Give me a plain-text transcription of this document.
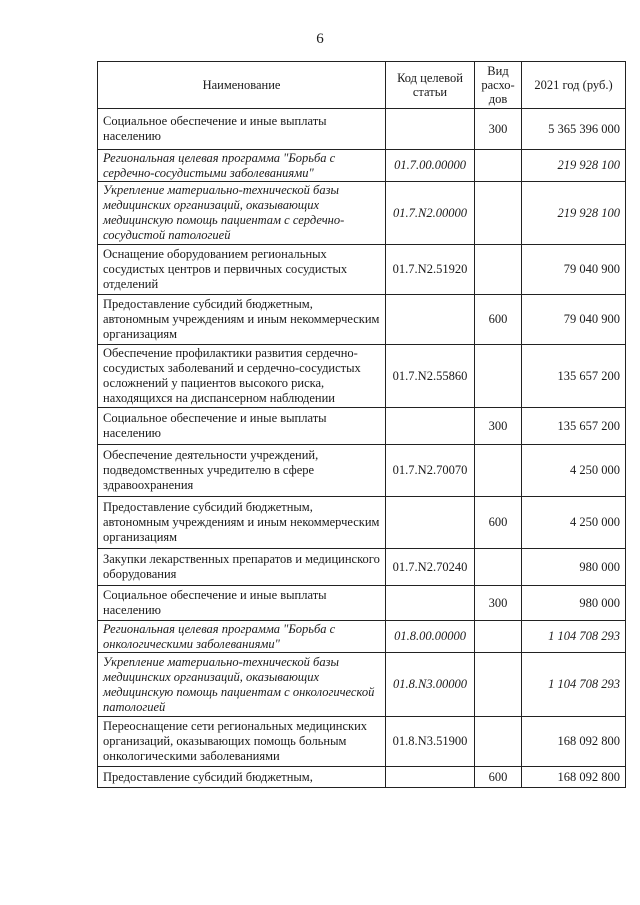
6
Наименование	Код целевой статьи	Вид расхо-дов	2021 год (руб.)
Социальное обеспечение и иные выплаты населению		300	5 365 396 000
Региональная целевая программа "Борьба с сердечно-сосудистыми заболеваниями"	01.7.00.00000		219 928 100
Укрепление материально-технической базы медицинских организаций, оказывающих медицинскую помощь пациентам с сердечно-сосудистой патологией	01.7.N2.00000		219 928 100
Оснащение оборудованием региональных сосудистых центров и первичных сосудистых отделений	01.7.N2.51920		79 040 900
Предоставление субсидий бюджетным, автономным учреждениям и иным некоммерческим организациям		600	79 040 900
Обеспечение профилактики развития сердечно-сосудистых заболеваний и сердечно-сосудистых осложнений у пациентов высокого риска, находящихся на диспансерном наблюдении	01.7.N2.55860		135 657 200
Социальное обеспечение и иные выплаты населению		300	135 657 200
Обеспечение деятельности учреждений, подведомственных учредителю в сфере здравоохранения	01.7.N2.70070		4 250 000
Предоставление субсидий бюджетным, автономным учреждениям и иным некоммерческим организациям		600	4 250 000
Закупки лекарственных препаратов и медицинского оборудования	01.7.N2.70240		980 000
Социальное обеспечение и иные выплаты населению		300	980 000
Региональная целевая программа "Борьба с онкологическими заболеваниями"	01.8.00.00000		1 104 708 293
Укрепление материально-технической базы медицинских организаций, оказывающих медицинскую помощь пациентам с онкологической патологией	01.8.N3.00000		1 104 708 293
Переоснащение сети региональных медицинских организаций, оказывающих помощь больным онкологическими заболеваниями	01.8.N3.51900		168 092 800
Предоставление субсидий бюджетным,		600	168 092 800
